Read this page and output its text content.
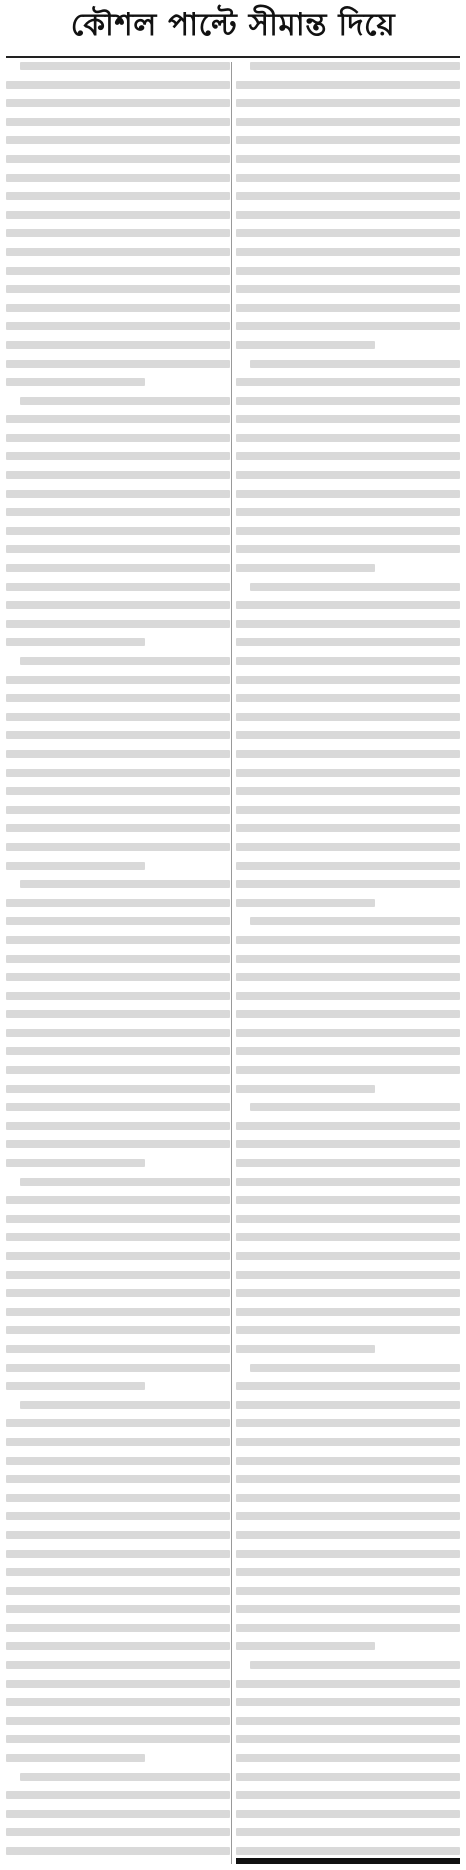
কৌশল পাল্টে সীমান্ত দিয়ে
